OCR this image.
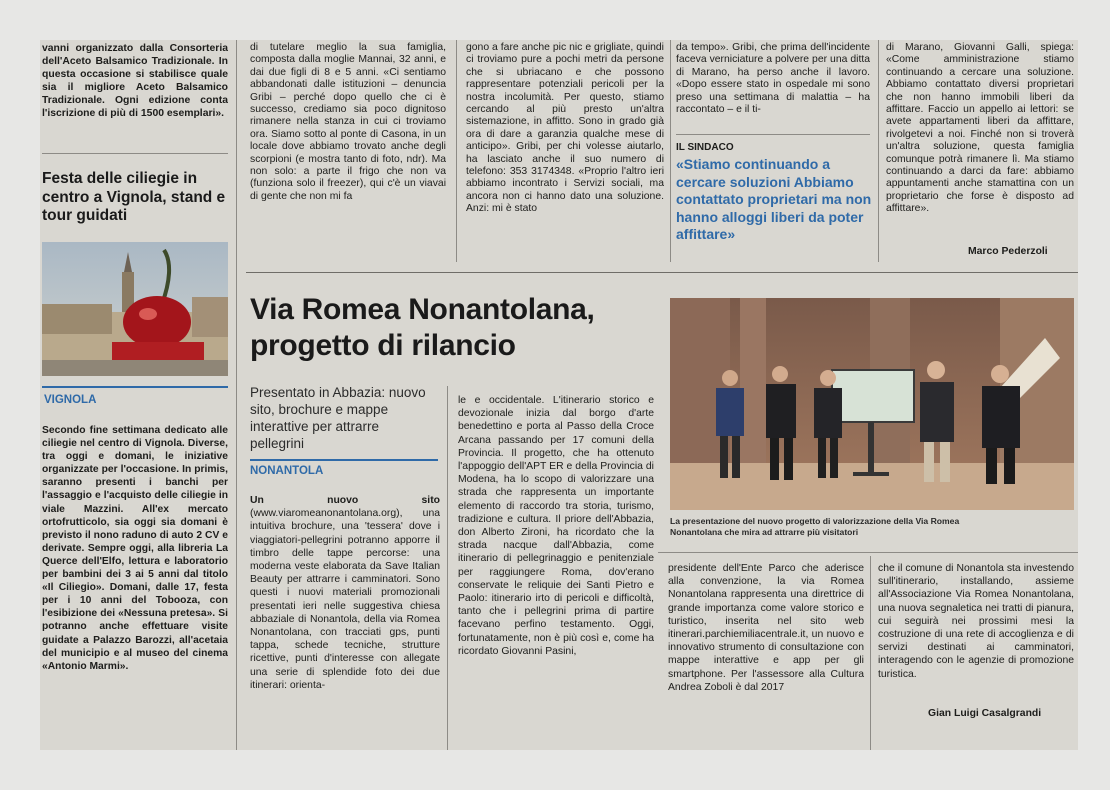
vanni organizzato dalla Consorteria dell'Aceto Balsamico Tradizionale. In questa occasione si stabilisce quale sia il migliore Aceto Balsamico Tradizionale. Ogni edizione conta l'iscrizione di più di 1500 esemplari».
Festa delle ciliegie in centro a Vignola, stand e tour guidati
VIGNOLA
Secondo fine settimana dedicato alle ciliegie nel centro di Vignola. Diverse, tra oggi e domani, le iniziative organizzate per l'occasione. In primis, saranno presenti i banchi per l'assaggio e l'acquisto delle ciliegie in viale Mazzini. All'ex mercato ortofrutticolo, sia oggi sia domani è previsto il nono raduno di auto 2 CV e derivate. Sempre oggi, alla libreria La Querce dell'Elfo, lettura e laboratorio per bambini dei 3 ai 5 anni dal titolo «Il Ciliegio». Domani, dalle 17, festa per i 10 anni del Tobooza, con l'esibizione dei «Nessuna pretesa». Si potranno anche effettuare visite guidate a Palazzo Barozzi, all'acetaia del municipio e al museo del cinema «Antonio Marmi».
di tutelare meglio la sua famiglia, composta dalla moglie Mannai, 32 anni, e dai due figli di 8 e 5 anni. «Ci sentiamo abbandonati dalle istituzioni – denuncia Gribi – perché dopo quello che ci è successo, crediamo sia poco dignitoso rimanere nella stanza in cui ci troviamo ora. Siamo sotto al ponte di Casona, in un locale dove abbiamo trovato anche degli scorpioni (e mostra tanto di foto, ndr). Ma non solo: a parte il frigo che non va (funziona solo il freezer), qui c'è un viavai di gente che non mi fa
gono a fare anche pic nic e grigliate, quindi ci troviamo pure a pochi metri da persone che si ubriacano e che possono rappresentare potenziali pericoli per la nostra incolumità. Per questo, stiamo cercando al più presto un'altra sistemazione, in affitto. Sono in grado già ora di dare a garanzia qualche mese di anticipo». Gribi, per chi volesse aiutarlo, ha lasciato anche il suo numero di telefono: 353 3174348. «Proprio l'altro ieri abbiamo incontrato i Servizi sociali, ma ancora non ci hanno dato una soluzione. Anzi: mi è stato
da tempo». Gribi, che prima dell'incidente faceva verniciature a polvere per una ditta di Marano, ha perso anche il lavoro. «Dopo essere stato in ospedale mi sono preso una settimana di malattia – ha raccontato – e il ti-
IL SINDACO
«Stiamo continuando a cercare soluzioni Abbiamo contattato proprietari ma non hanno alloggi liberi da poter affittare»
di Marano, Giovanni Galli, spiega: «Come amministrazione stiamo continuando a cercare una soluzione. Abbiamo contattato diversi proprietari che non hanno immobili liberi da affittare. Faccio un appello ai lettori: se avete appartamenti liberi da affittare, rivolgetevi a noi. Finché non si troverà un'altra soluzione, questa famiglia comunque potrà rimanere lì. Ma stiamo continuando a darci da fare: abbiamo appuntamenti anche stamattina con un proprietario che forse è disposto ad affittare».
Marco Pederzoli
Via Romea Nonantolana, progetto di rilancio
Presentato in Abbazia: nuovo sito, brochure e mappe interattive per attrarre pellegrini
NONANTOLA
Un nuovo sito (www.viaromeanonantolana.org), una intuitiva brochure, una 'tessera' dove i viaggiatori-pellegrini potranno apporre il timbro delle tappe percorse: una moderna veste elaborata da Save Italian Beauty per attrarre i camminatori. Sono questi i nuovi materiali promozionali presentati ieri nelle suggestiva chiesa abbaziale di Nonantola, della via Romea Nonantolana, con tracciati gps, punti tappa, schede tecniche, strutture ricettive, punti d'interesse con allegate una serie di splendide foto dei due itinerari: orienta-
le e occidentale. L'itinerario storico e devozionale inizia dal borgo d'arte benedettino e porta al Passo della Croce Arcana passando per 17 comuni della Provincia. Il progetto, che ha ottenuto l'appoggio dell'APT ER e della Provincia di Modena, ha lo scopo di valorizzare una strada che rappresenta un importante elemento di raccordo tra storia, turismo, tradizione e cultura. Il priore dell'Abbazia, don Alberto Zironi, ha ricordato che la strada nacque dall'Abbazia, come itinerario di pellegrinaggio e penitenziale per raggiungere Roma, dov'erano conservate le reliquie dei Santi Pietro e Paolo: itinerario irto di pericoli e difficoltà, tanto che i pellegrini prima di partire facevano perfino testamento. Oggi, fortunatamente, non è più così e, come ha ricordato Giovanni Pasini,
La presentazione del nuovo progetto di valorizzazione della Via Romea Nonantolana che mira ad attrarre più visitatori
presidente dell'Ente Parco che aderisce alla convenzione, la via Romea Nonantolana rappresenta una direttrice di grande importanza come valore storico e turistico, inserita nel sito web itinerari.parchiemiliacentrale.it, un nuovo e innovativo strumento di consultazione con mappe interattive e app per gli smartphone. Per l'assessore alla Cultura Andrea Zoboli è dal 2017
che il comune di Nonantola sta investendo sull'itinerario, installando, assieme all'Associazione Via Romea Nonantolana, una nuova segnaletica nei tratti di pianura, cui seguirà nei prossimi mesi la costruzione di una rete di accoglienza e di servizi destinati ai camminatori, interagendo con le agenzie di promozione turistica.
Gian Luigi Casalgrandi
